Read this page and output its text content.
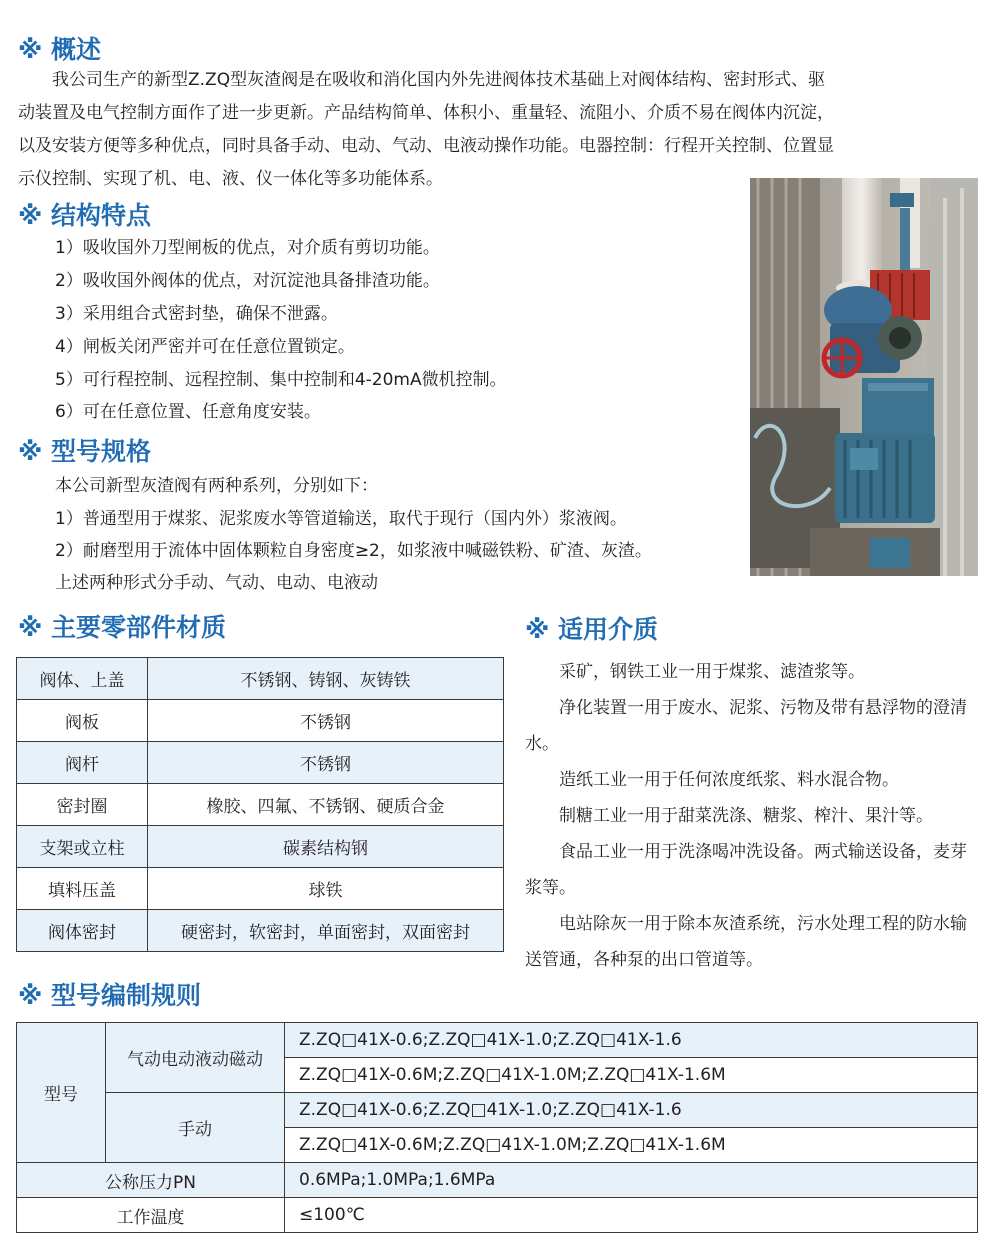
※ 概述
我公司生产的新型Z.ZQ型灰渣阀是在吸收和消化国内外先进阀体技术基础上对阀体结构、密封形式、驱
动装置及电气控制方面作了进一步更新。产品结构简单、体积小、重量轻、流阻小、介质不易在阀体内沉淀，
以及安装方便等多种优点，同时具备手动、电动、气动、电液动操作功能。电器控制：行程开关控制、位置显
示仪控制、实现了机、电、液、仪一体化等多功能体系。
※ 结构特点
1）吸收国外刀型闸板的优点，对介质有剪切功能。
2）吸收国外阀体的优点，对沉淀池具备排渣功能。
3）采用组合式密封垫，确保不泄露。
4）闸板关闭严密并可在任意位置锁定。
5）可行程控制、远程控制、集中控制和4-20mA微机控制。
6）可在任意位置、任意角度安装。
※ 型号规格
本公司新型灰渣阀有两种系列，分别如下：
1）普通型用于煤浆、泥浆废水等管道输送，取代于现行（国内外）浆液阀。
2）耐磨型用于流体中固体颗粒自身密度≥2，如浆液中喊磁铁粉、矿渣、灰渣。
上述两种形式分手动、气动、电动、电液动
※ 主要零部件材质
阀体、上盖	不锈钢、铸钢、灰铸铁
阀板	不锈钢
阀杆	不锈钢
密封圈	橡胶、四氟、不锈钢、硬质合金
支架或立柱	碳素结构钢
填料压盖	球铁
阀体密封	硬密封，软密封，单面密封，双面密封
※ 适用介质

采矿，钢铁工业一用于煤浆、滤渣浆等。

净化装置一用于废水、泥浆、污物及带有悬浮物的澄清水。

造纸工业一用于任何浓度纸浆、料水混合物。

制糖工业一用于甜菜洗涤、糖浆、榨汁、果汁等。

食品工业一用于洗涤喝冲洗设备。两式输送设备，麦芽浆等。

电站除灰一用于除本灰渣系统，污水处理工程的防水输送管通，各种泵的出口管道等。

※ 型号编制规则
型号	气动电动液动磁动	Z.ZQ□41X-0.6;Z.ZQ□41X-1.0;Z.ZQ□41X-1.6
		Z.ZQ□41X-0.6M;Z.ZQ□41X-1.0M;Z.ZQ□41X-1.6M
	手动	Z.ZQ□41X-0.6;Z.ZQ□41X-1.0;Z.ZQ□41X-1.6
		Z.ZQ□41X-0.6M;Z.ZQ□41X-1.0M;Z.ZQ□41X-1.6M
公称压力PN		0.6MPa;1.0MPa;1.6MPa
工作温度		≤100℃
